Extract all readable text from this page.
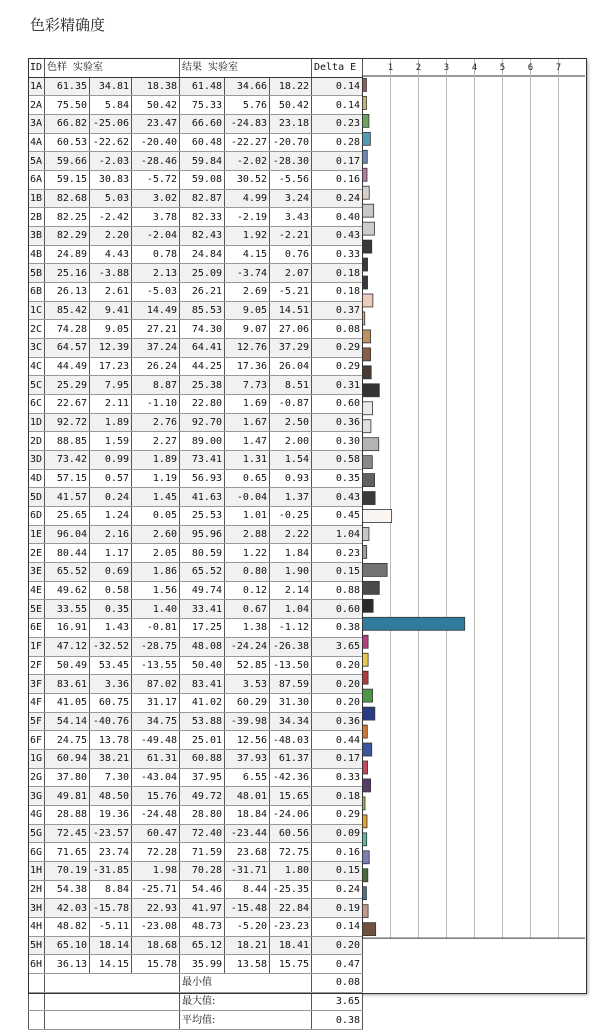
色彩精确度
ID	色样 实验室			结果 实验室			Delta E
1A	61.35	34.81	18.38	61.48	34.66	18.22	0.14
2A	75.50	5.84	50.42	75.33	5.76	50.42	0.14
3A	66.82	-25.06	23.47	66.60	-24.83	23.18	0.23
4A	60.53	-22.62	-20.40	60.48	-22.27	-20.70	0.28
5A	59.66	-2.03	-28.46	59.84	-2.02	-28.30	0.17
6A	59.15	30.83	-5.72	59.08	30.52	-5.56	0.16
1B	82.68	5.03	3.02	82.87	4.99	3.24	0.24
2B	82.25	-2.42	3.78	82.33	-2.19	3.43	0.40
3B	82.29	2.20	-2.04	82.43	1.92	-2.21	0.43
4B	24.89	4.43	0.78	24.84	4.15	0.76	0.33
5B	25.16	-3.88	2.13	25.09	-3.74	2.07	0.18
6B	26.13	2.61	-5.03	26.21	2.69	-5.21	0.18
1C	85.42	9.41	14.49	85.53	9.05	14.51	0.37
2C	74.28	9.05	27.21	74.30	9.07	27.06	0.08
3C	64.57	12.39	37.24	64.41	12.76	37.29	0.29
4C	44.49	17.23	26.24	44.25	17.36	26.04	0.29
5C	25.29	7.95	8.87	25.38	7.73	8.51	0.31
6C	22.67	2.11	-1.10	22.80	1.69	-0.87	0.60
1D	92.72	1.89	2.76	92.70	1.67	2.50	0.36
2D	88.85	1.59	2.27	89.00	1.47	2.00	0.30
3D	73.42	0.99	1.89	73.41	1.31	1.54	0.58
4D	57.15	0.57	1.19	56.93	0.65	0.93	0.35
5D	41.57	0.24	1.45	41.63	-0.04	1.37	0.43
6D	25.65	1.24	0.05	25.53	1.01	-0.25	0.45
1E	96.04	2.16	2.60	95.96	2.88	2.22	1.04
2E	80.44	1.17	2.05	80.59	1.22	1.84	0.23
3E	65.52	0.69	1.86	65.52	0.80	1.90	0.15
4E	49.62	0.58	1.56	49.74	0.12	2.14	0.88
5E	33.55	0.35	1.40	33.41	0.67	1.04	0.60
6E	16.91	1.43	-0.81	17.25	1.38	-1.12	0.38
1F	47.12	-32.52	-28.75	48.08	-24.24	-26.38	3.65
2F	50.49	53.45	-13.55	50.40	52.85	-13.50	0.20
3F	83.61	3.36	87.02	83.41	3.53	87.59	0.20
4F	41.05	60.75	31.17	41.02	60.29	31.30	0.20
5F	54.14	-40.76	34.75	53.88	-39.98	34.34	0.36
6F	24.75	13.78	-49.48	25.01	12.56	-48.03	0.44
1G	60.94	38.21	61.31	60.88	37.93	61.37	0.17
2G	37.80	7.30	-43.04	37.95	6.55	-42.36	0.33
3G	49.81	48.50	15.76	49.72	48.01	15.65	0.18
4G	28.88	19.36	-24.48	28.80	18.84	-24.06	0.29
5G	72.45	-23.57	60.47	72.40	-23.44	60.56	0.09
6G	71.65	23.74	72.28	71.59	23.68	72.75	0.16
1H	70.19	-31.85	1.98	70.28	-31.71	1.80	0.15
2H	54.38	8.84	-25.71	54.46	8.44	-25.35	0.24
3H	42.03	-15.78	22.93	41.97	-15.48	22.84	0.19
4H	48.82	-5.11	-23.08	48.73	-5.20	-23.23	0.14
5H	65.10	18.14	18.68	65.12	18.21	18.41	0.20
6H	36.13	14.15	15.78	35.99	13.58	15.75	0.47
				最小值			0.08
				最大值:			3.65
				平均值:			0.38
1	2	3	4	5	6	7
